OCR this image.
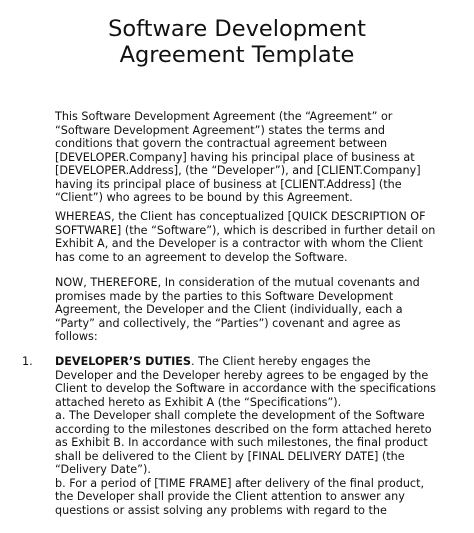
Software Development
Agreement Template
This Software Development Agreement (the “Agreement” or
“Software Development Agreement”) states the terms and
conditions that govern the contractual agreement between
[DEVELOPER.Company] having his principal place of business at
[DEVELOPER.Address], (the “Developer”), and [CLIENT.Company]
having its principal place of business at [CLIENT.Address] (the
“Client”) who agrees to be bound by this Agreement.
WHEREAS, the Client has conceptualized [QUICK DESCRIPTION OF
SOFTWARE] (the “Software”), which is described in further detail on
Exhibit A, and the Developer is a contractor with whom the Client
has come to an agreement to develop the Software.
NOW, THEREFORE, In consideration of the mutual covenants and
promises made by the parties to this Software Development
Agreement, the Developer and the Client (individually, each a
“Party” and collectively, the “Parties”) covenant and agree as
follows:
1. DEVELOPER’S DUTIES. The Client hereby engages the
Developer and the Developer hereby agrees to be engaged by the
Client to develop the Software in accordance with the specifications
attached hereto as Exhibit A (the “Specifications”).
a. The Developer shall complete the development of the Software
according to the milestones described on the form attached hereto
as Exhibit B. In accordance with such milestones, the final product
shall be delivered to the Client by [FINAL DELIVERY DATE] (the
“Delivery Date”).
b. For a period of [TIME FRAME] after delivery of the final product,
the Developer shall provide the Client attention to answer any
questions or assist solving any problems with regard to the
